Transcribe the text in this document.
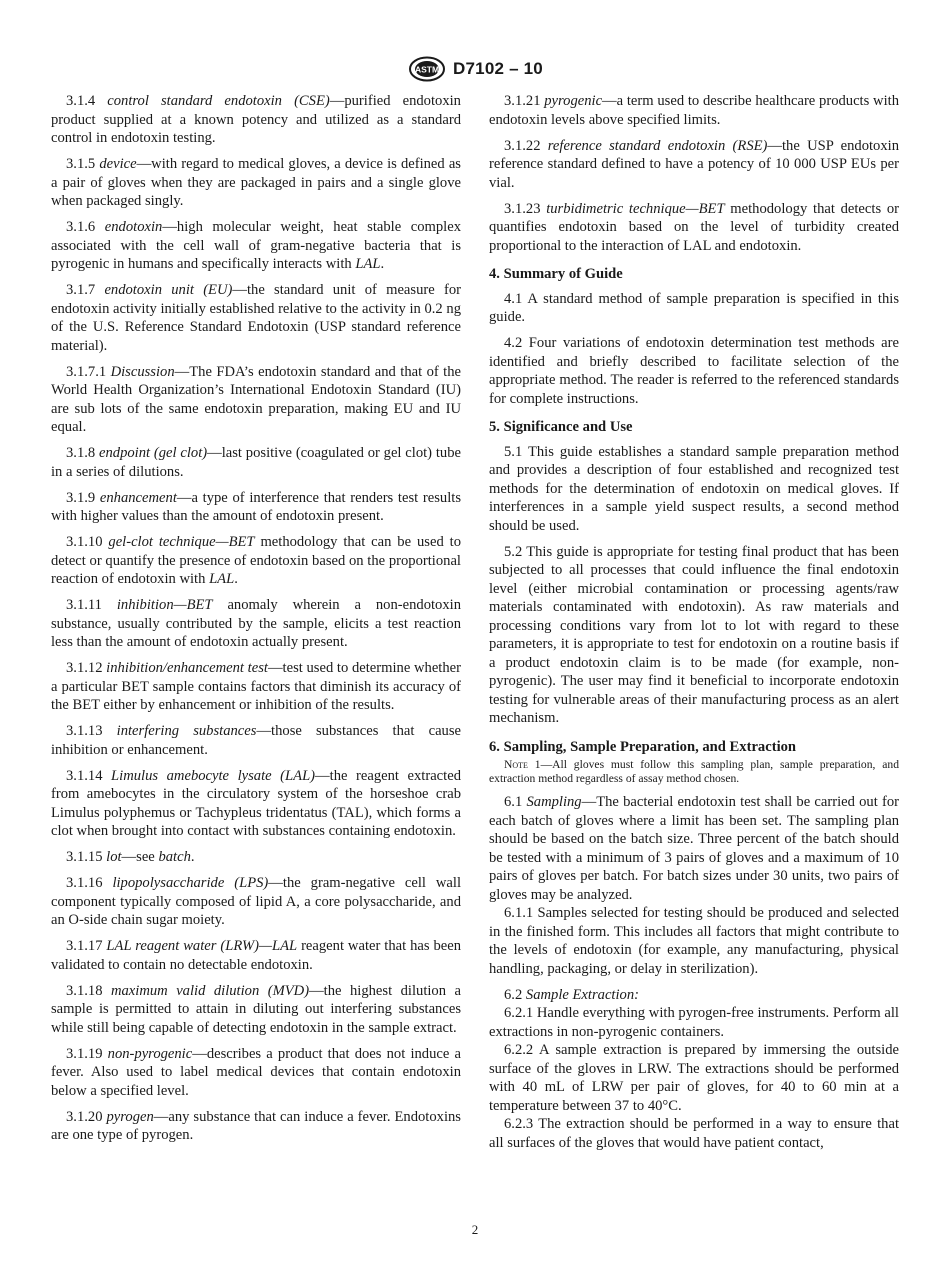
ASTM D7102 – 10

3.1.4 control standard endotoxin (CSE)—purified endotoxin product supplied at a known potency and utilized as a standard control in endotoxin testing.

3.1.5 device—with regard to medical gloves, a device is defined as a pair of gloves when they are packaged in pairs and a single glove when packaged singly.

3.1.6 endotoxin—high molecular weight, heat stable complex associated with the cell wall of gram-negative bacteria that is pyrogenic in humans and specifically interacts with LAL.

3.1.7 endotoxin unit (EU)—the standard unit of measure for endotoxin activity initially established relative to the activity in 0.2 ng of the U.S. Reference Standard Endotoxin (USP standard reference material).

3.1.7.1 Discussion—The FDA’s endotoxin standard and that of the World Health Organization’s International Endotoxin Standard (IU) are sub lots of the same endotoxin preparation, making EU and IU equal.

3.1.8 endpoint (gel clot)—last positive (coagulated or gel clot) tube in a series of dilutions.

3.1.9 enhancement—a type of interference that renders test results with higher values than the amount of endotoxin present.

3.1.10 gel-clot technique—BET methodology that can be used to detect or quantify the presence of endotoxin based on the proportional reaction of endotoxin with LAL.

3.1.11 inhibition—BET anomaly wherein a non-endotoxin substance, usually contributed by the sample, elicits a test reaction less than the amount of endotoxin actually present.

3.1.12 inhibition/enhancement test—test used to determine whether a particular BET sample contains factors that diminish its accuracy of the BET either by enhancement or inhibition of the results.

3.1.13 interfering substances—those substances that cause inhibition or enhancement.

3.1.14 Limulus amebocyte lysate (LAL)—the reagent extracted from amebocytes in the circulatory system of the horseshoe crab Limulus polyphemus or Tachypleus tridentatus (TAL), which forms a clot when brought into contact with substances containing endotoxin.

3.1.15 lot—see batch.

3.1.16 lipopolysaccharide (LPS)—the gram-negative cell wall component typically composed of lipid A, a core polysaccharide, and an O-side chain sugar moiety.

3.1.17 LAL reagent water (LRW)—LAL reagent water that has been validated to contain no detectable endotoxin.

3.1.18 maximum valid dilution (MVD)—the highest dilution a sample is permitted to attain in diluting out interfering substances while still being capable of detecting endotoxin in the sample extract.

3.1.19 non-pyrogenic—describes a product that does not induce a fever. Also used to label medical devices that contain endotoxin below a specified level.

3.1.20 pyrogen—any substance that can induce a fever. Endotoxins are one type of pyrogen.

3.1.21 pyrogenic—a term used to describe healthcare products with endotoxin levels above specified limits.

3.1.22 reference standard endotoxin (RSE)—the USP endotoxin reference standard defined to have a potency of 10 000 USP EUs per vial.

3.1.23 turbidimetric technique—BET methodology that detects or quantifies endotoxin based on the level of turbidity created proportional to the interaction of LAL and endotoxin.

4. Summary of Guide

4.1 A standard method of sample preparation is specified in this guide.

4.2 Four variations of endotoxin determination test methods are identified and briefly described to facilitate selection of the appropriate method. The reader is referred to the referenced standards for complete instructions.

5. Significance and Use

5.1 This guide establishes a standard sample preparation method and provides a description of four established and recognized test methods for the determination of endotoxin on medical gloves. If interferences in a sample yield suspect results, a second method should be used.

5.2 This guide is appropriate for testing final product that has been subjected to all processes that could influence the final endotoxin level (either microbial contamination or processing agents/raw materials contaminated with endotoxin). As raw materials and processing conditions vary from lot to lot with regard to these parameters, it is appropriate to test for endotoxin on a routine basis if a product endotoxin claim is to be made (for example, non-pyrogenic). The user may find it beneficial to incorporate endotoxin testing for vulnerable areas of their manufacturing process as an alert mechanism.

6. Sampling, Sample Preparation, and Extraction

Note 1—All gloves must follow this sampling plan, sample preparation, and extraction method regardless of assay method chosen.

6.1 Sampling—The bacterial endotoxin test shall be carried out for each batch of gloves where a limit has been set. The sampling plan should be based on the batch size. Three percent of the batch should be tested with a minimum of 3 pairs of gloves and a maximum of 10 pairs of gloves per batch. For batch sizes under 30 units, two pairs of gloves may be analyzed.

6.1.1 Samples selected for testing should be produced and selected in the finished form. This includes all factors that might contribute to the levels of endotoxin (for example, any manufacturing, physical handling, packaging, or delay in sterilization).

6.2 Sample Extraction:

6.2.1 Handle everything with pyrogen-free instruments. Perform all extractions in non-pyrogenic containers.

6.2.2 A sample extraction is prepared by immersing the outside surface of the gloves in LRW. The extractions should be performed with 40 mL of LRW per pair of gloves, for 40 to 60 min at a temperature between 37 to 40°C.

6.2.3 The extraction should be performed in a way to ensure that all surfaces of the gloves that would have patient contact,

2
